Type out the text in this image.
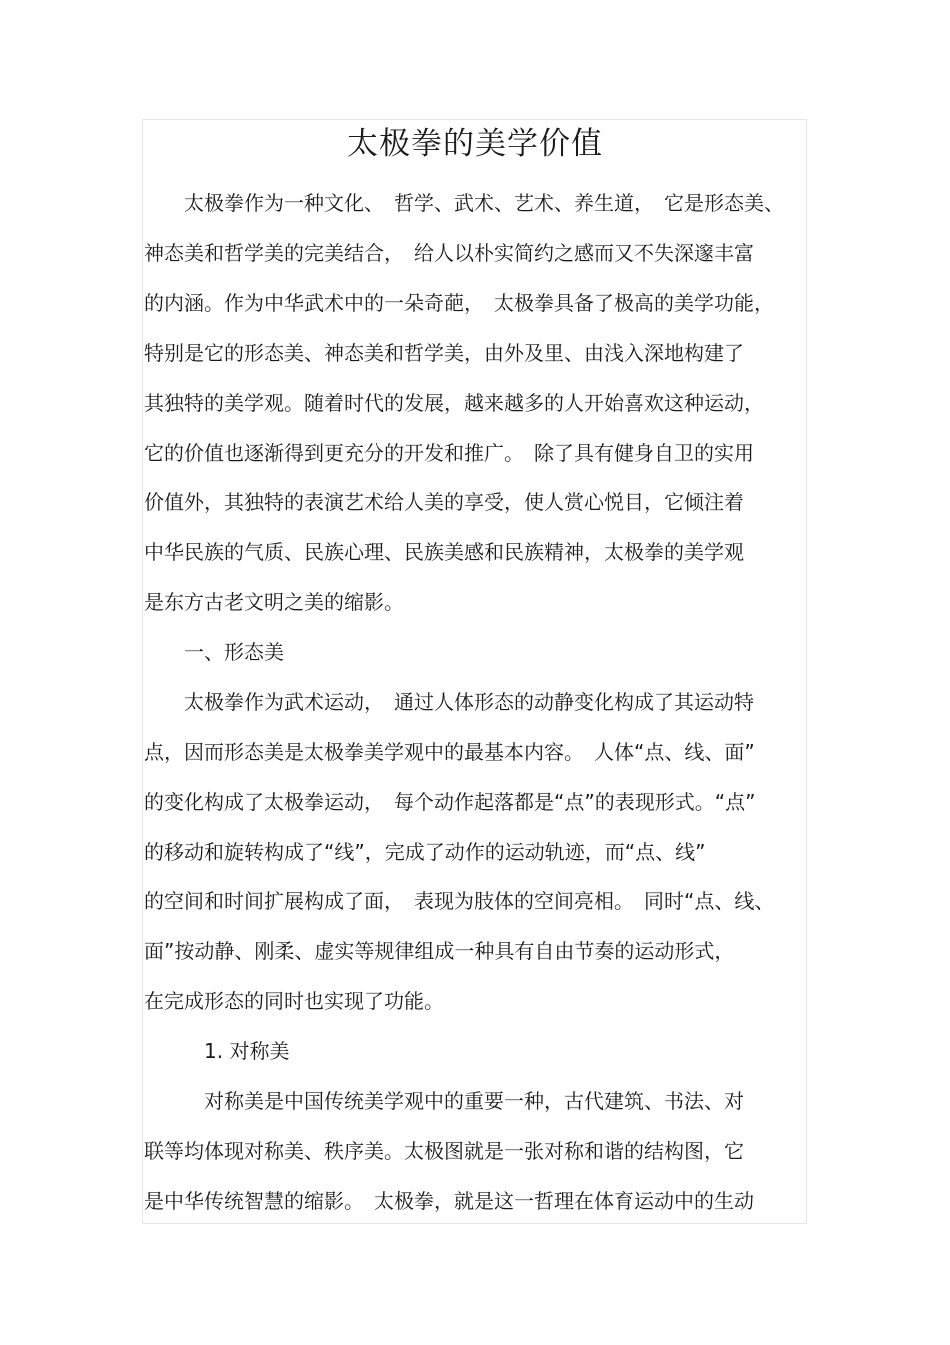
太极拳的美学价值

　　太极拳作为一种文化、　哲学、武术、艺术、养生道，　它是形态美、

神态美和哲学美的完美结合，　给人以朴实简约之感而又不失深邃丰富

的内涵。作为中华武术中的一朵奇葩，　太极拳具备了极高的美学功能，

特别是它的形态美、神态美和哲学美，由外及里、由浅入深地构建了

其独特的美学观。随着时代的发展，越来越多的人开始喜欢这种运动，

它的价值也逐渐得到更充分的开发和推广。　除了具有健身自卫的实用

价值外，其独特的表演艺术给人美的享受，使人赏心悦目，它倾注着

中华民族的气质、民族心理、民族美感和民族精神，太极拳的美学观

是东方古老文明之美的缩影。

　　一、形态美

　　太极拳作为武术运动，　通过人体形态的动静变化构成了其运动特

点，因而形态美是太极拳美学观中的最基本内容。　人体“点、线、面”

的变化构成了太极拳运动，　每个动作起落都是“点”的表现形式。“点”

的移动和旋转构成了“线”，完成了动作的运动轨迹，而“点、线”

的空间和时间扩展构成了面，　表现为肢体的空间亮相。　同时“点、线、

面”按动静、刚柔、虚实等规律组成一种具有自由节奏的运动形式，

在完成形态的同时也实现了功能。

　　　1. 对称美

　　　对称美是中国传统美学观中的重要一种，古代建筑、书法、对

联等均体现对称美、秩序美。太极图就是一张对称和谐的结构图，它

是中华传统智慧的缩影。　太极拳，就是这一哲理在体育运动中的生动
